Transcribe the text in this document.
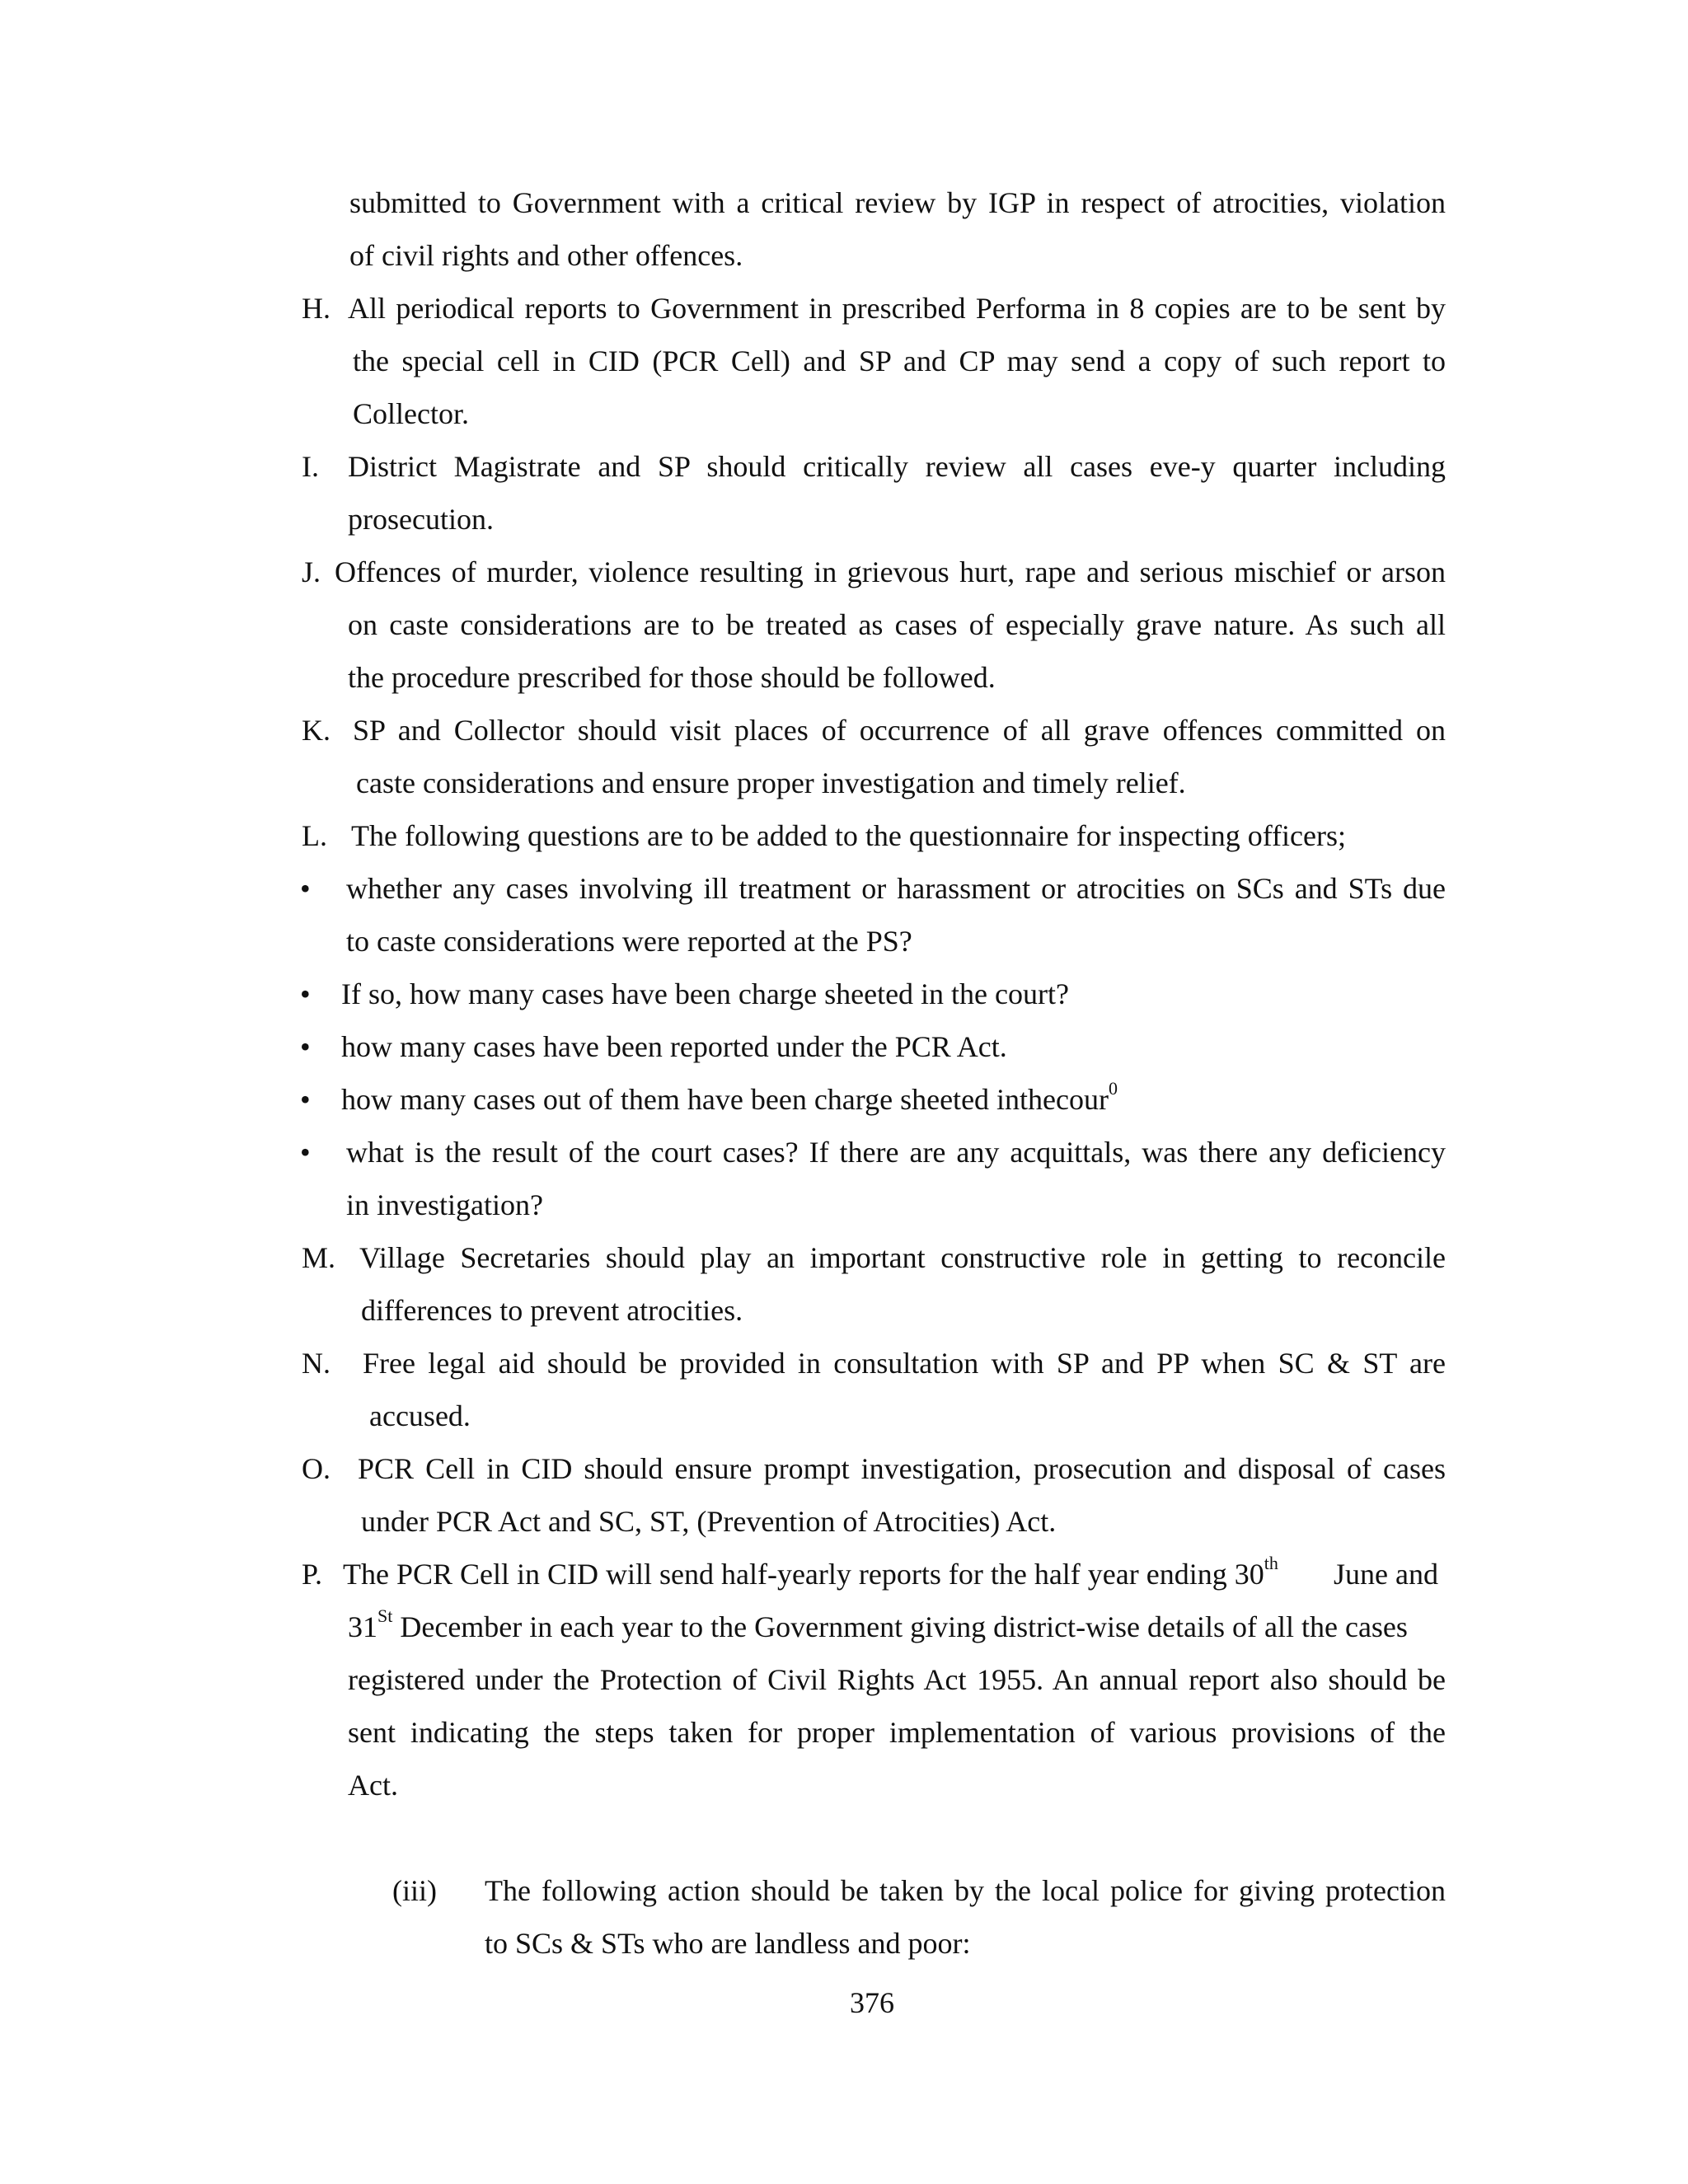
submitted to Government with a critical review by IGP in respect of atrocities, violation
of civil rights and other offences.
H. All periodical reports to Government in prescribed Performa in 8 copies are to be sent by
the special cell in CID (PCR Cell) and SP and CP may send a copy of such report to
Collector.
I. District Magistrate and SP should critically review all cases eve-y quarter including
prosecution.
J. Offences of murder, violence resulting in grievous hurt, rape and serious mischief or arson
on caste considerations are to be treated as cases of especially grave nature. As such all
the procedure prescribed for those should be followed.
K. SP and Collector should visit places of occurrence of all grave offences committed on
caste considerations and ensure proper investigation and timely relief.
L. The following questions are to be added to the questionnaire for inspecting officers;
• whether any cases involving ill treatment or harassment or atrocities on SCs and STs due
to caste considerations were reported at the PS?
• If so, how many cases have been charge sheeted in the court?
• how many cases have been reported under the PCR Act.
• how many cases out of them have been charge sheeted inthecour$^0$
• what is the result of the court cases? If there are any acquittals, was there any deficiency
in investigation?
M. Village Secretaries should play an important constructive role in getting to reconcile
differences to prevent atrocities.
N. Free legal aid should be provided in consultation with SP and PP when SC & ST are
accused.
O. PCR Cell in CID should ensure prompt investigation, prosecution and disposal of cases
under PCR Act and SC, ST, (Prevention of Atrocities) Act.
P. The PCR Cell in CID will send half-yearly reports for the half year ending 30th June and
31St December in each year to the Government giving district-wise details of all the cases
registered under the Protection of Civil Rights Act 1955. An annual report also should be
sent indicating the steps taken for proper implementation of various provisions of the
Act.
(iii) The following action should be taken by the local police for giving protection
to SCs & STs who are landless and poor:
376
